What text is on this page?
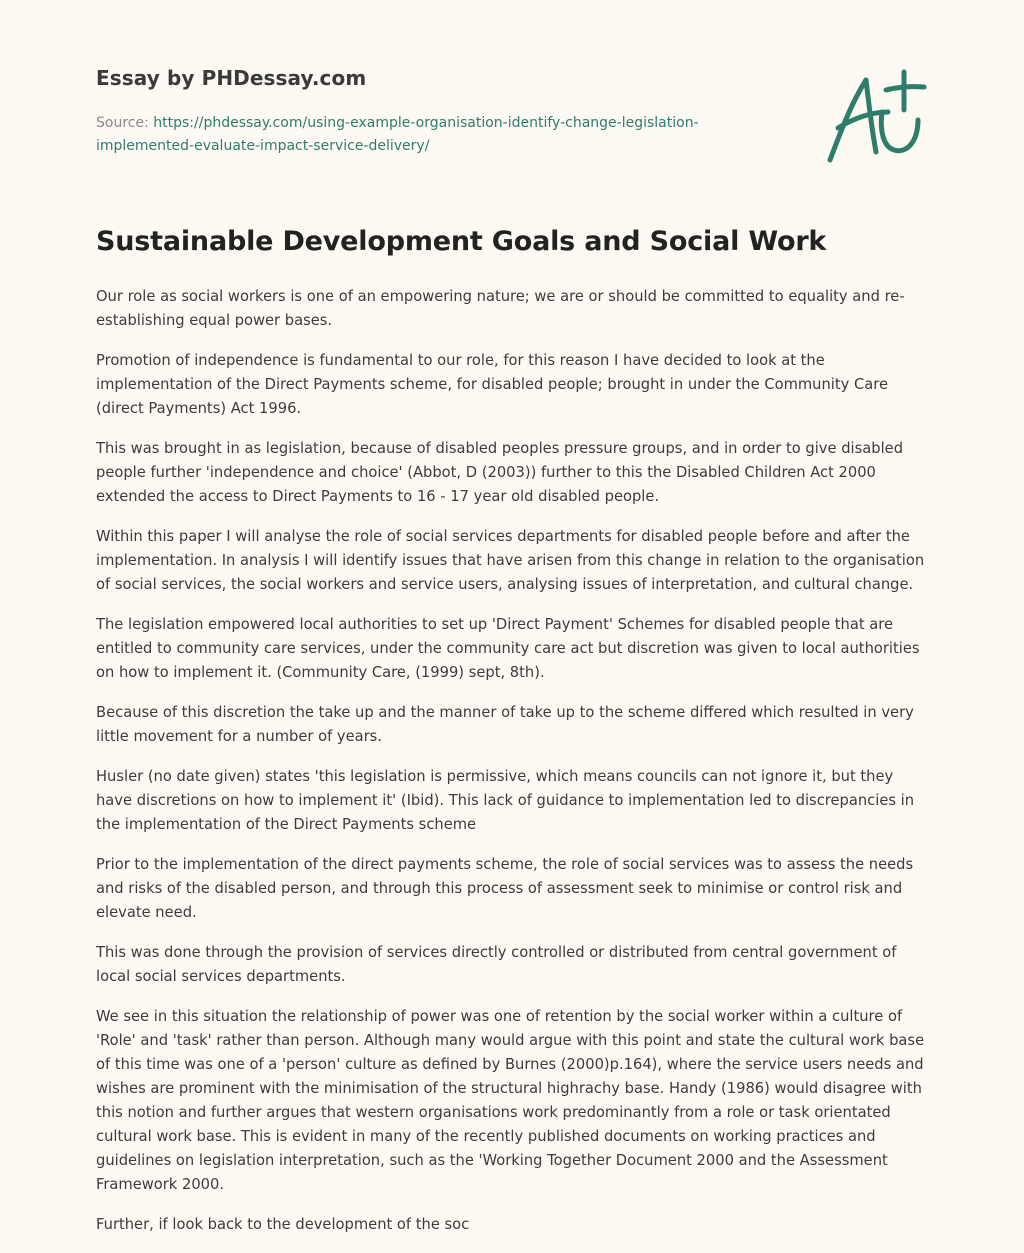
Essay by PHDessay.com
Source: https://phdessay.com/using-example-organisation-identify-change-legislation-implemented-evaluate-impact-service-delivery/
Sustainable Development Goals and Social Work

Our role as social workers is one of an empowering nature; we are or should be committed to equality and re-establishing equal power bases.

Promotion of independence is fundamental to our role, for this reason I have decided to look at the implementation of the Direct Payments scheme, for disabled people; brought in under the Community Care (direct Payments) Act 1996.

This was brought in as legislation, because of disabled peoples pressure groups, and in order to give disabled people further 'independence and choice' (Abbot, D (2003)) further to this the Disabled Children Act 2000 extended the access to Direct Payments to 16 - 17 year old disabled people.

Within this paper I will analyse the role of social services departments for disabled people before and after the implementation. In analysis I will identify issues that have arisen from this change in relation to the organisation of social services, the social workers and service users, analysing issues of interpretation, and cultural change.

The legislation empowered local authorities to set up 'Direct Payment' Schemes for disabled people that are entitled to community care services, under the community care act but discretion was given to local authorities on how to implement it. (Community Care, (1999) sept, 8th).

Because of this discretion the take up and the manner of take up to the scheme differed which resulted in very little movement for a number of years.

Husler (no date given) states 'this legislation is permissive, which means councils can not ignore it, but they have discretions on how to implement it' (Ibid). This lack of guidance to implementation led to discrepancies in the implementation of the Direct Payments scheme

Prior to the implementation of the direct payments scheme, the role of social services was to assess the needs and risks of the disabled person, and through this process of assessment seek to minimise or control risk and elevate need.

This was done through the provision of services directly controlled or distributed from central government of local social services departments.

We see in this situation the relationship of power was one of retention by the social worker within a culture of 'Role' and 'task' rather than person. Although many would argue with this point and state the cultural work base of this time was one of a 'person' culture as defined by Burnes (2000)p.164), where the service users needs and wishes are prominent with the minimisation of the structural highrachy base. Handy (1986) would disagree with this notion and further argues that western organisations work predominantly from a role or task orientated cultural work base. This is evident in many of the recently published documents on working practices and guidelines on legislation interpretation, such as the 'Working Together Document 2000 and the Assessment Framework 2000.

Further, if look back to the development of the soc
